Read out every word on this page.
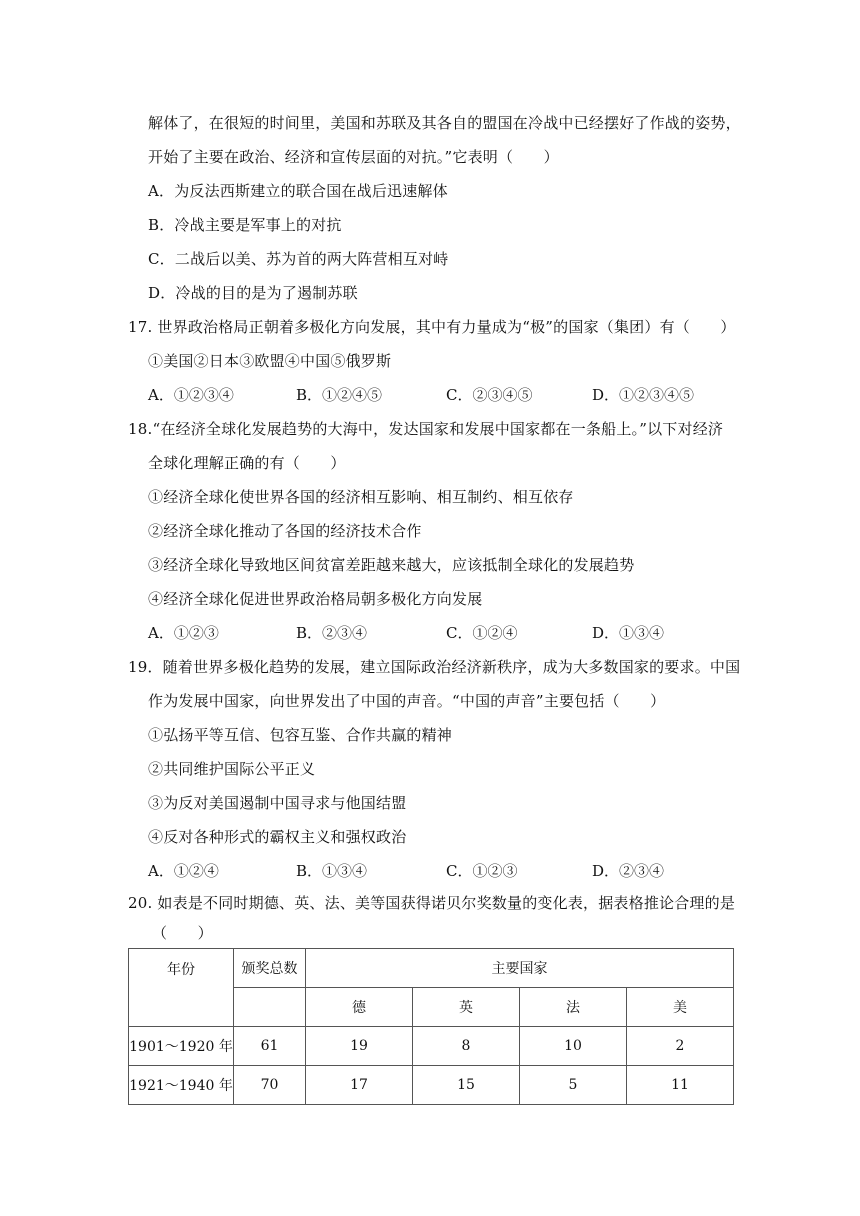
解体了，在很短的时间里，美国和苏联及其各自的盟国在冷战中已经摆好了作战的姿势，
开始了主要在政治、经济和宣传层面的对抗。”它表明（　　）
A．为反法西斯建立的联合国在战后迅速解体
B．冷战主要是军事上的对抗
C．二战后以美、苏为首的两大阵营相互对峙
D．冷战的目的是为了遏制苏联
17. 世界政治格局正朝着多极化方向发展，其中有力量成为“极”的国家（集团）有（　　）
①美国②日本③欧盟④中国⑤俄罗斯
A．①②③④	B．①②④⑤	C．②③④⑤	D．①②③④⑤
18.“在经济全球化发展趋势的大海中，发达国家和发展中国家都在一条船上。”以下对经济
全球化理解正确的有（　　）
①经济全球化使世界各国的经济相互影响、相互制约、相互依存
②经济全球化推动了各国的经济技术合作
③经济全球化导致地区间贫富差距越来越大，应该抵制全球化的发展趋势
④经济全球化促进世界政治格局朝多极化方向发展
A．①②③	B．②③④	C．①②④	D．①③④
19．随着世界多极化趋势的发展，建立国际政治经济新秩序，成为大多数国家的要求。中国
作为发展中国家，向世界发出了中国的声音。“中国的声音”主要包括（　　）
①弘扬平等互信、包容互鉴、合作共赢的精神
②共同维护国际公平正义
③为反对美国遏制中国寻求与他国结盟
④反对各种形式的霸权主义和强权政治
A．①②④	B．①③④	C．①②③	D．②③④
20. 如表是不同时期德、英、法、美等国获得诺贝尔奖数量的变化表，据表格推论合理的是
（　　）
年份	颁奖总数	主要国家			
		德	英	法	美
1901～1920 年	61	19	8	10	2
1921～1940 年	70	17	15	5	11
